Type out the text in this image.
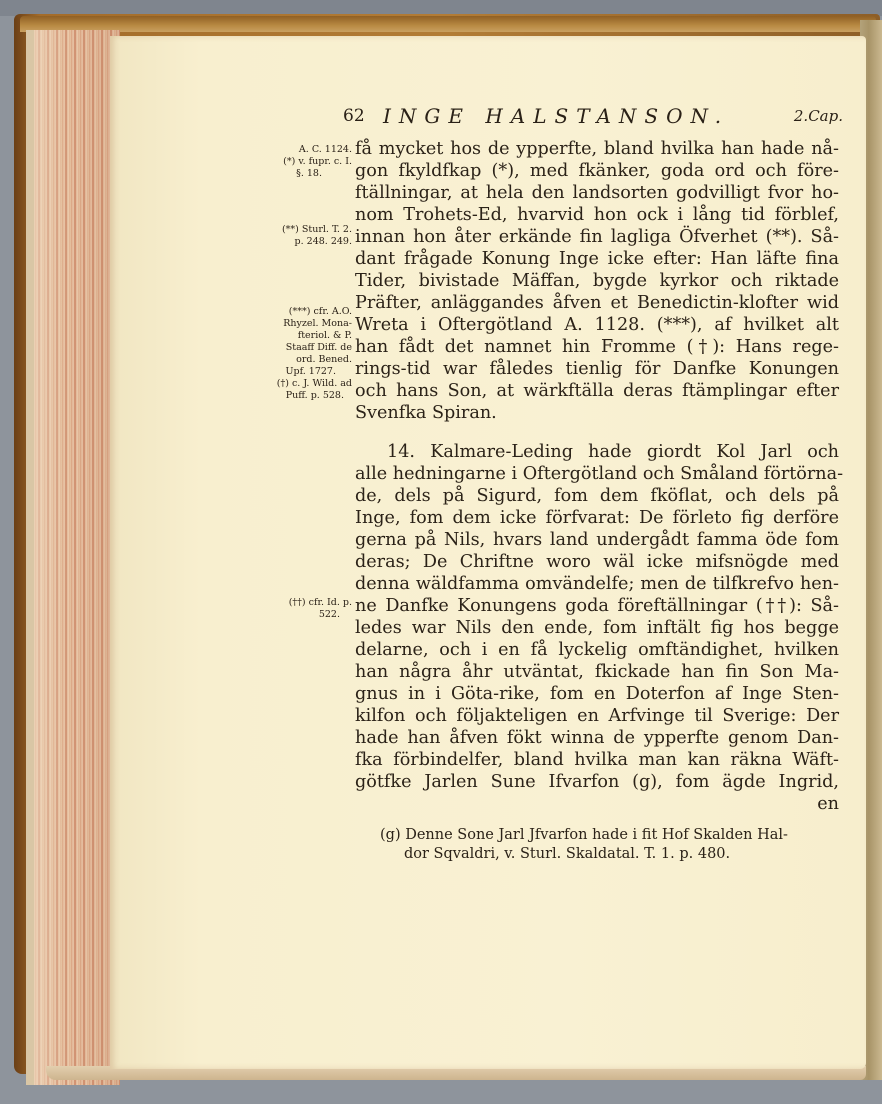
62 INGE HALSTANSON.	2.Cap.
A. C. 1124.
(*) v. fupr. c. I.
§. 18.
(**) Sturl. T. 2.
p. 248. 249.
(***) cfr. A.O.
Rhyzel. Mona-
fteriol. & P.
Staaff Diff. de
ord. Bened.
Upf. 1727.
(†) c. J. Wild. ad
Puff. p. 528.
(††) cfr. Id. p.
522.
få mycket hos de ypperfte, bland hvilka han hade nå-
gon fkyldfkap (*), med fkänker, goda ord och före-
ftällningar, at hela den landsorten godvilligt fvor ho-
nom Trohets-Ed, hvarvid hon ock i lång tid förblef,
innan hon åter erkände fin lagliga Öfverhet (**). Så-
dant frågade Konung Inge icke efter: Han läfte fina
Tider, bivistade Mäffan, bygde kyrkor och riktade
Präfter, anläggandes åfven et Benedictin-klofter wid
Wreta i Oftergötland A. 1128. (***), af hvilket alt
han fådt det namnet hin Fromme (†): Hans rege-
rings-tid war fåledes tienlig för Danfke Konungen
och hans Son, at wärkftälla deras ftämplingar efter
Svenfka Spiran.
14. Kalmare-Leding hade giordt Kol Jarl och
alle hedningarne i Oftergötland och Småland förtörna-
de, dels på Sigurd, fom dem fköflat, och dels på
Inge, fom dem icke förfvarat: De förleto fig derföre
gerna på Nils, hvars land undergådt famma öde fom
deras; De Chriftne woro wäl icke mifsnögde med
denna wäldfamma omvändelfe; men de tilfkrefvo hen-
ne Danfke Konungens goda föreftällningar (††): Så-
ledes war Nils den ende, fom inftält fig hos begge
delarne, och i en få lyckelig omftändighet, hvilken
han några åhr utväntat, fkickade han fin Son Ma-
gnus in i Göta-rike, fom en Doterfon af Inge Sten-
kilfon och följakteligen en Arfvinge til Sverige: Der
hade han åfven fökt winna de ypperfte genom Dan-
fka förbindelfer, bland hvilka man kan räkna Wäft-
götfke Jarlen Sune Ifvarfon (g), fom ägde Ingrid,
en
(g) Denne Sone Jarl Jfvarfon hade i fit Hof Skalden Hal-
dor Sqvaldri, v. Sturl. Skaldatal. T. 1. p. 480.
